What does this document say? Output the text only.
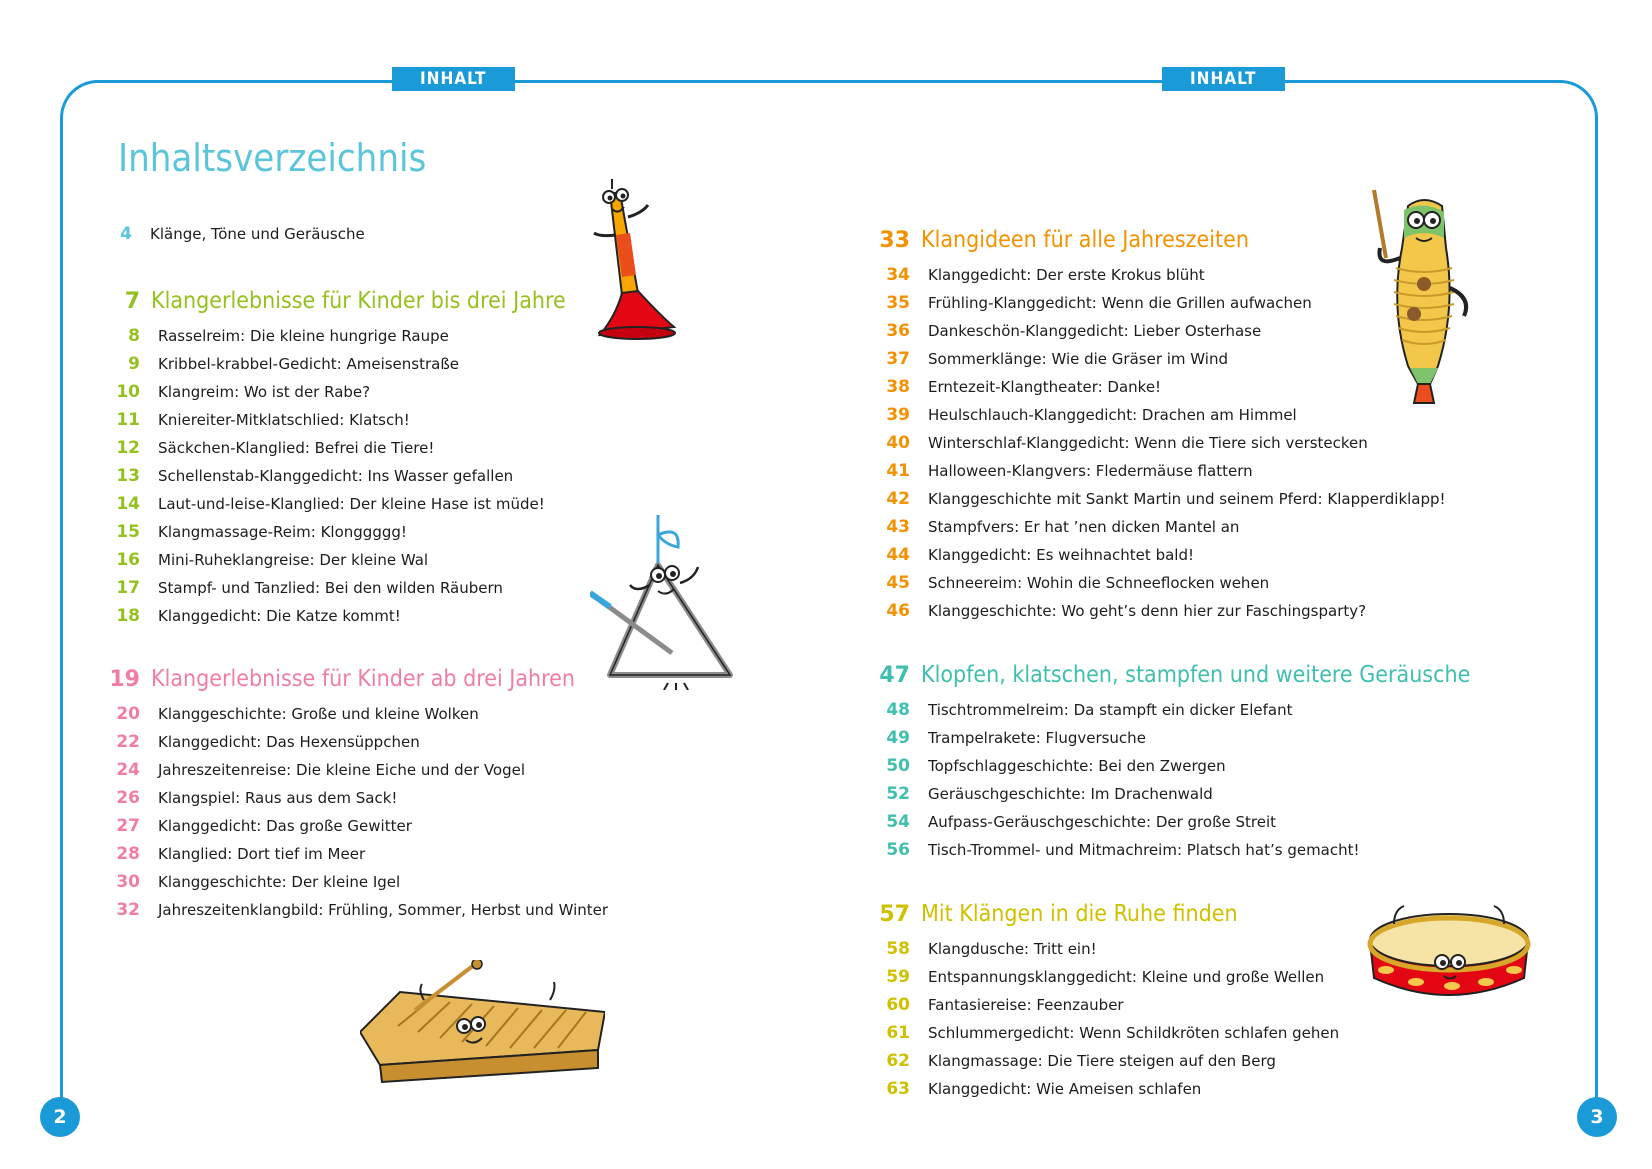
INHALT	INHALT
Inhaltsverzeichnis
4 Klänge, Töne und Geräusche
7 Klangerlebnisse für Kinder bis drei Jahre
8 Rasselreim: Die kleine hungrige Raupe
9 Kribbel-krabbel-Gedicht: Ameisenstraße
10 Klangreim: Wo ist der Rabe?
11 Kniereiter-Mitklatschlied: Klatsch!
12 Säckchen-Klanglied: Befrei die Tiere!
13 Schellenstab-Klanggedicht: Ins Wasser gefallen
14 Laut-und-leise-Klanglied: Der kleine Hase ist müde!
15 Klangmassage-Reim: Klonggggg!
16 Mini-Ruheklangreise: Der kleine Wal
17 Stampf- und Tanzlied: Bei den wilden Räubern
18 Klanggedicht: Die Katze kommt!
19 Klangerlebnisse für Kinder ab drei Jahren
20 Klanggeschichte: Große und kleine Wolken
22 Klanggedicht: Das Hexensüppchen
24 Jahreszeitenreise: Die kleine Eiche und der Vogel
26 Klangspiel: Raus aus dem Sack!
27 Klanggedicht: Das große Gewitter
28 Klanglied: Dort tief im Meer
30 Klanggeschichte: Der kleine Igel
32 Jahreszeitenklangbild: Frühling, Sommer, Herbst und Winter
33 Klangideen für alle Jahreszeiten
34 Klanggedicht: Der erste Krokus blüht
35 Frühling-Klanggedicht: Wenn die Grillen aufwachen
36 Dankeschön-Klanggedicht: Lieber Osterhase
37 Sommerklänge: Wie die Gräser im Wind
38 Erntezeit-Klangtheater: Danke!
39 Heulschlauch-Klanggedicht: Drachen am Himmel
40 Winterschlaf-Klanggedicht: Wenn die Tiere sich verstecken
41 Halloween-Klangvers: Fledermäuse flattern
42 Klanggeschichte mit Sankt Martin und seinem Pferd: Klapperdiklapp!
43 Stampfvers: Er hat ’nen dicken Mantel an
44 Klanggedicht: Es weihnachtet bald!
45 Schneereim: Wohin die Schneeflocken wehen
46 Klanggeschichte: Wo geht’s denn hier zur Faschingsparty?
47 Klopfen, klatschen, stampfen und weitere Geräusche
48 Tischtrommelreim: Da stampft ein dicker Elefant
49 Trampelrakete: Flugversuche
50 Topfschlaggeschichte: Bei den Zwergen
52 Geräuschgeschichte: Im Drachenwald
54 Aufpass-Geräuschgeschichte: Der große Streit
56 Tisch-Trommel- und Mitmachreim: Platsch hat’s gemacht!
57 Mit Klängen in die Ruhe finden
58 Klangdusche: Tritt ein!
59 Entspannungsklanggedicht: Kleine und große Wellen
60 Fantasiereise: Feenzauber
61 Schlummergedicht: Wenn Schildkröten schlafen gehen
62 Klangmassage: Die Tiere steigen auf den Berg
63 Klanggedicht: Wie Ameisen schlafen
2	3
